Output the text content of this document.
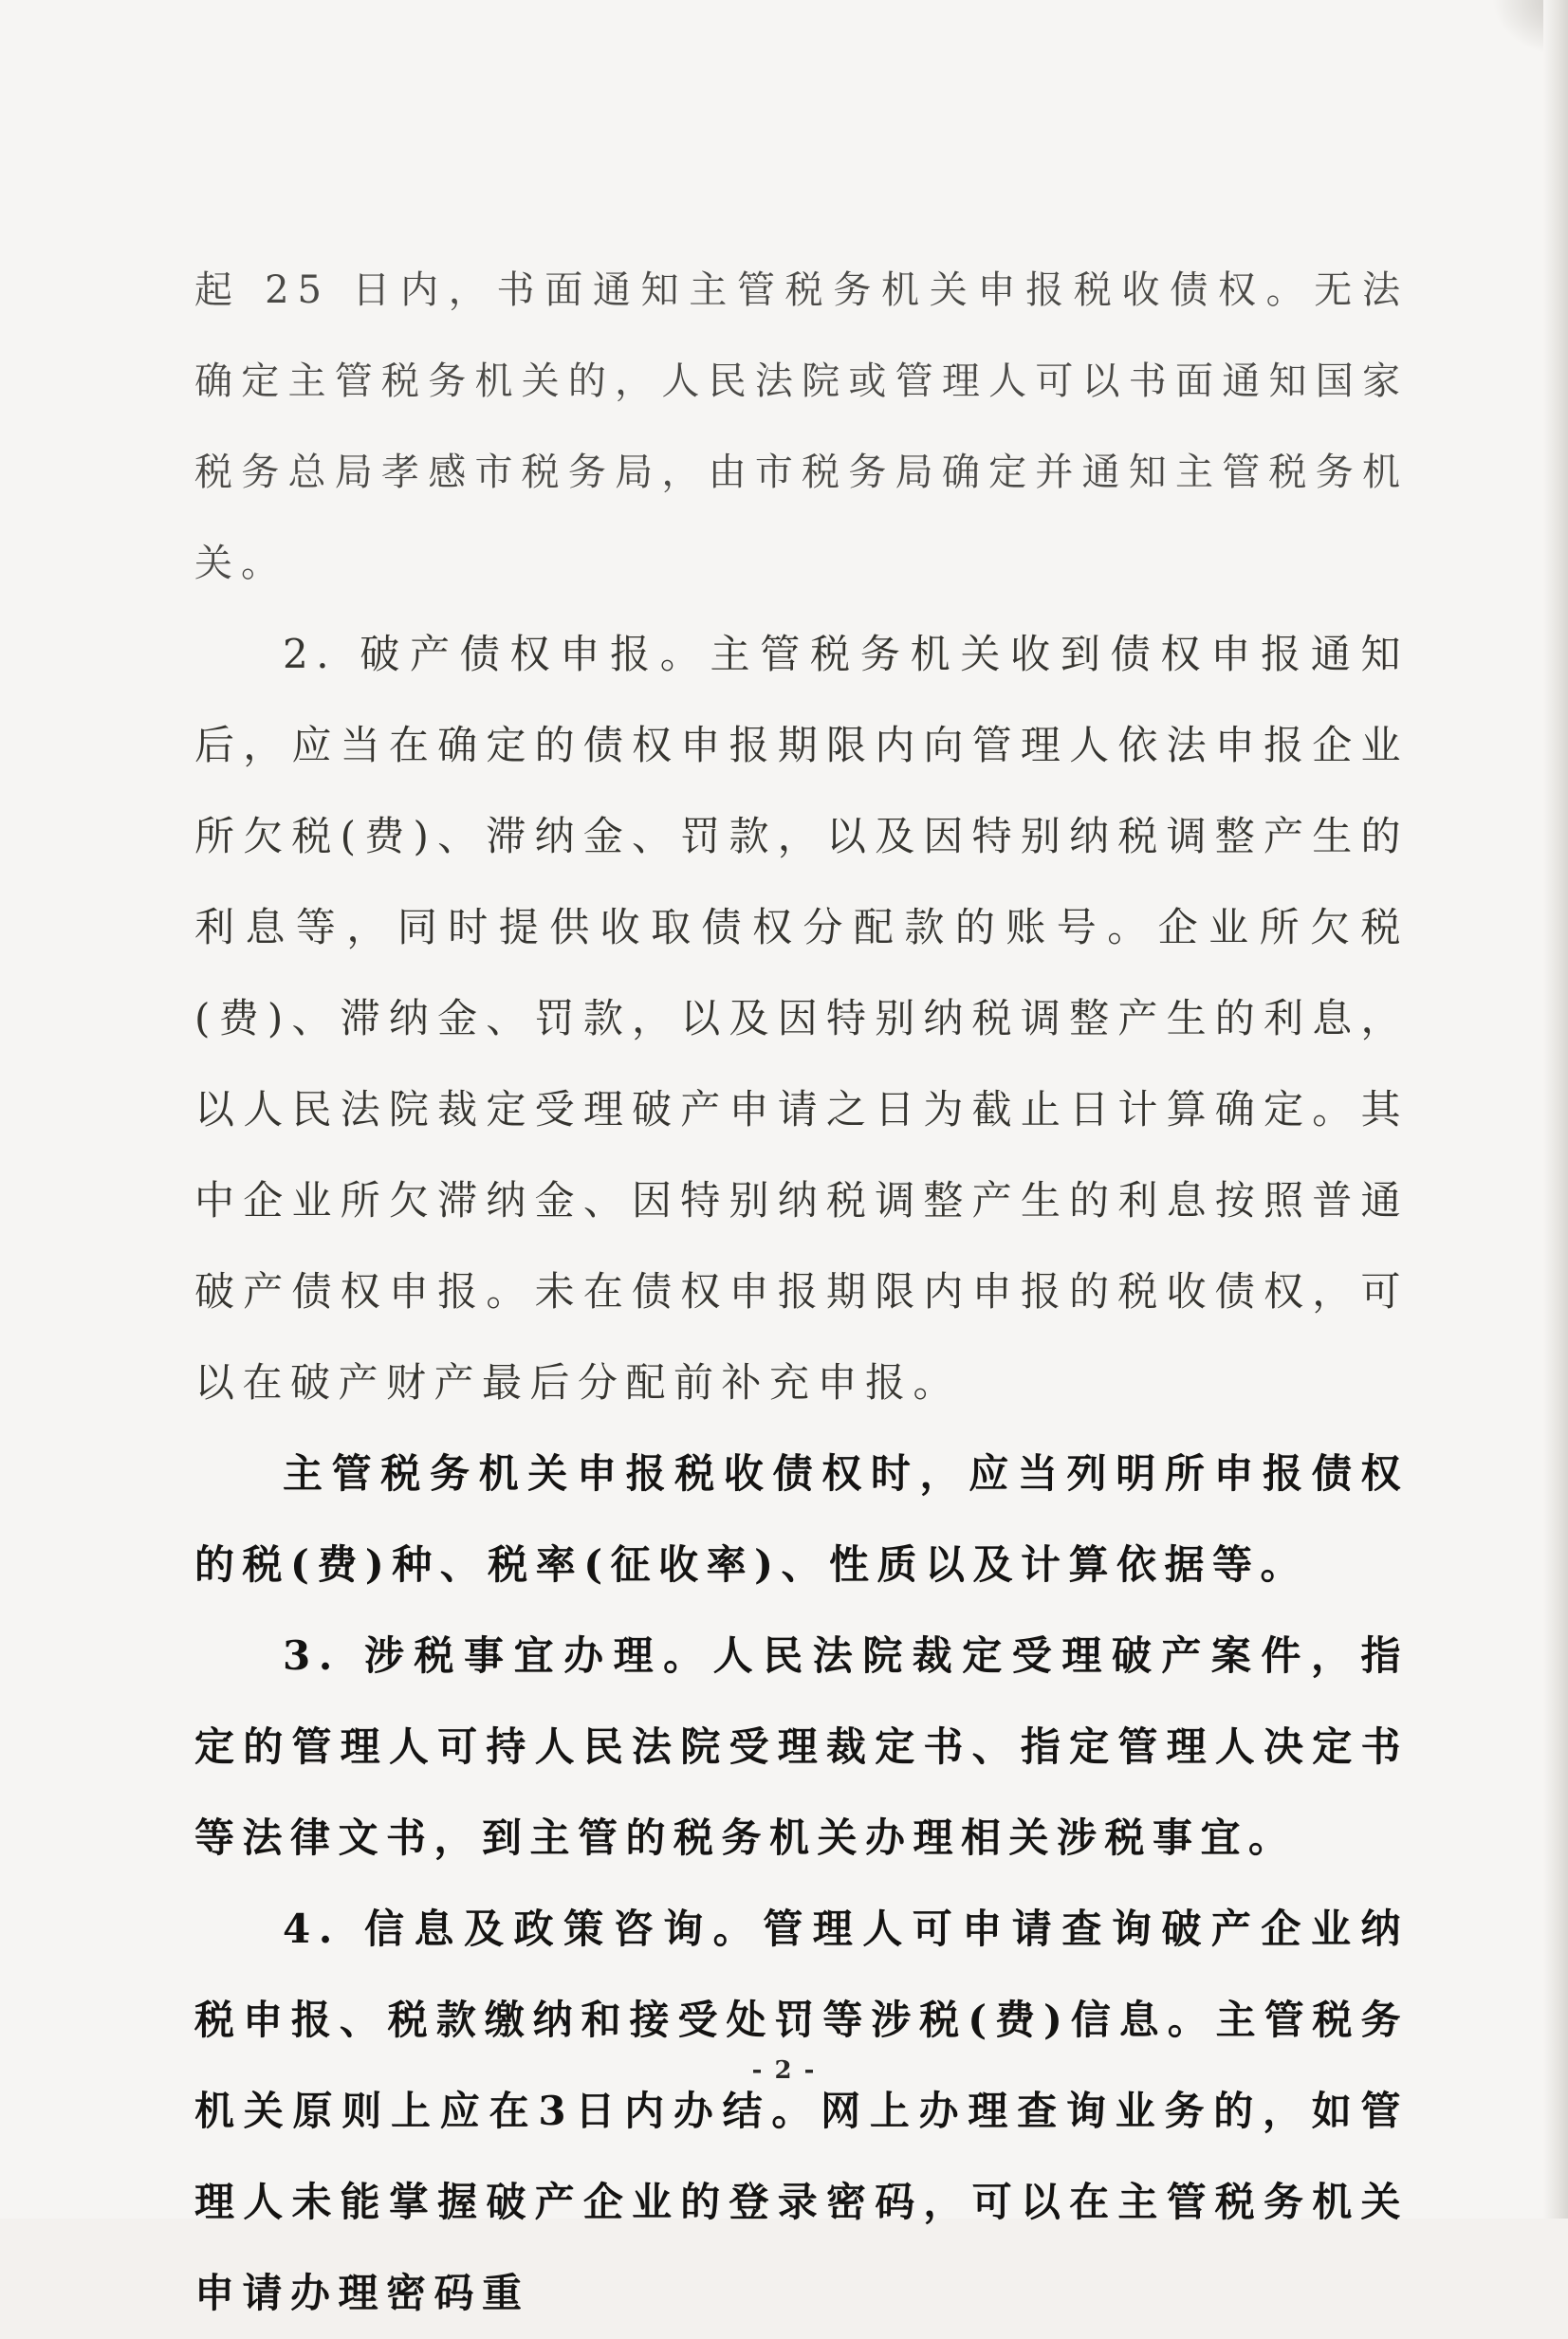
起 25 日内，书面通知主管税务机关申报税收债权。无法确定主管税务机关的，人民法院或管理人可以书面通知国家税务总局孝感市税务局，由市税务局确定并通知主管税务机关。

2. 破产债权申报。主管税务机关收到债权申报通知后，应当在确定的债权申报期限内向管理人依法申报企业所欠税(费)、滞纳金、罚款，以及因特别纳税调整产生的利息等，同时提供收取债权分配款的账号。企业所欠税(费)、滞纳金、罚款，以及因特别纳税调整产生的利息，以人民法院裁定受理破产申请之日为截止日计算确定。其中企业所欠滞纳金、因特别纳税调整产生的利息按照普通破产债权申报。未在债权申报期限内申报的税收债权，可以在破产财产最后分配前补充申报。

主管税务机关申报税收债权时，应当列明所申报债权的税(费)种、税率(征收率)、性质以及计算依据等。

3. 涉税事宜办理。人民法院裁定受理破产案件，指定的管理人可持人民法院受理裁定书、指定管理人决定书等法律文书，到主管的税务机关办理相关涉税事宜。

4. 信息及政策咨询。管理人可申请查询破产企业纳税申报、税款缴纳和接受处罚等涉税(费)信息。主管税务机关原则上应在3日内办结。网上办理查询业务的，如管理人未能掌握破产企业的登录密码，可以在主管税务机关申请办理密码重

- 2 -
